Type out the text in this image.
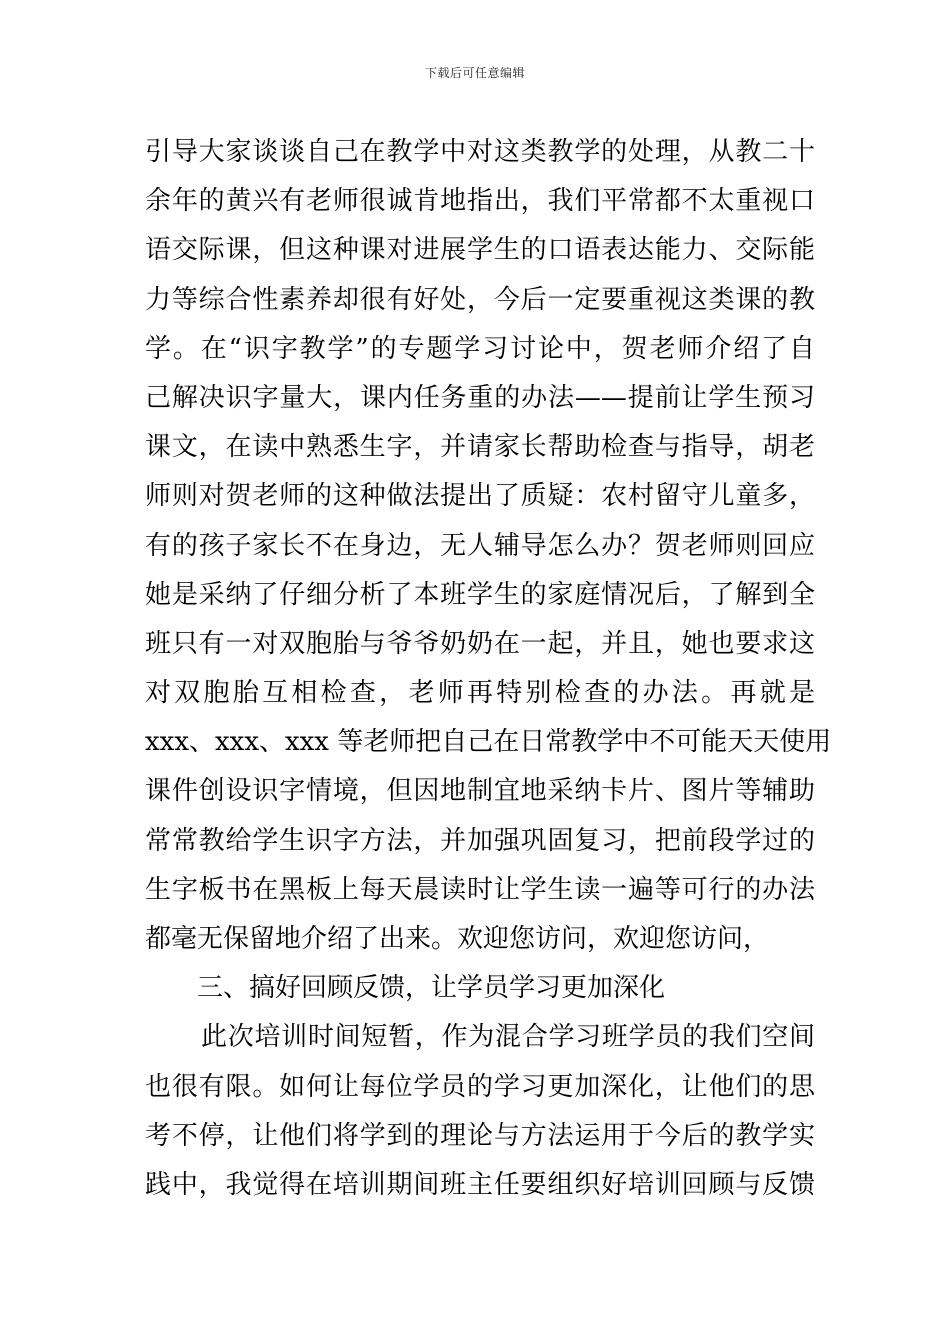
下载后可任意编辑
引导大家谈谈自己在教学中对这类教学的处理，从教二十
余年的黄兴有老师很诚肯地指出，我们平常都不太重视口
语交际课，但这种课对进展学生的口语表达能力、交际能
力等综合性素养却很有好处，今后一定要重视这类课的教
学。在“识字教学”的专题学习讨论中，贺老师介绍了自
己解决识字量大，课内任务重的办法——提前让学生预习
课文，在读中熟悉生字，并请家长帮助检查与指导，胡老
师则对贺老师的这种做法提出了质疑：农村留守儿童多，
有的孩子家长不在身边，无人辅导怎么办？贺老师则回应
她是采纳了仔细分析了本班学生的家庭情况后，了解到全
班只有一对双胞胎与爷爷奶奶在一起，并且，她也要求这
对双胞胎互相检查，老师再特别检查的办法。再就是
xxx、xxx、xxx 等老师把自己在日常教学中不可能天天使用
课件创设识字情境，但因地制宜地采纳卡片、图片等辅助
常常教给学生识字方法，并加强巩固复习，把前段学过的
生字板书在黑板上每天晨读时让学生读一遍等可行的办法
都毫无保留地介绍了出来。欢迎您访问，欢迎您访问，
三、搞好回顾反馈，让学员学习更加深化
此次培训时间短暂，作为混合学习班学员的我们空间
也很有限。如何让每位学员的学习更加深化，让他们的思
考不停，让他们将学到的理论与方法运用于今后的教学实
践中，我觉得在培训期间班主任要组织好培训回顾与反馈
